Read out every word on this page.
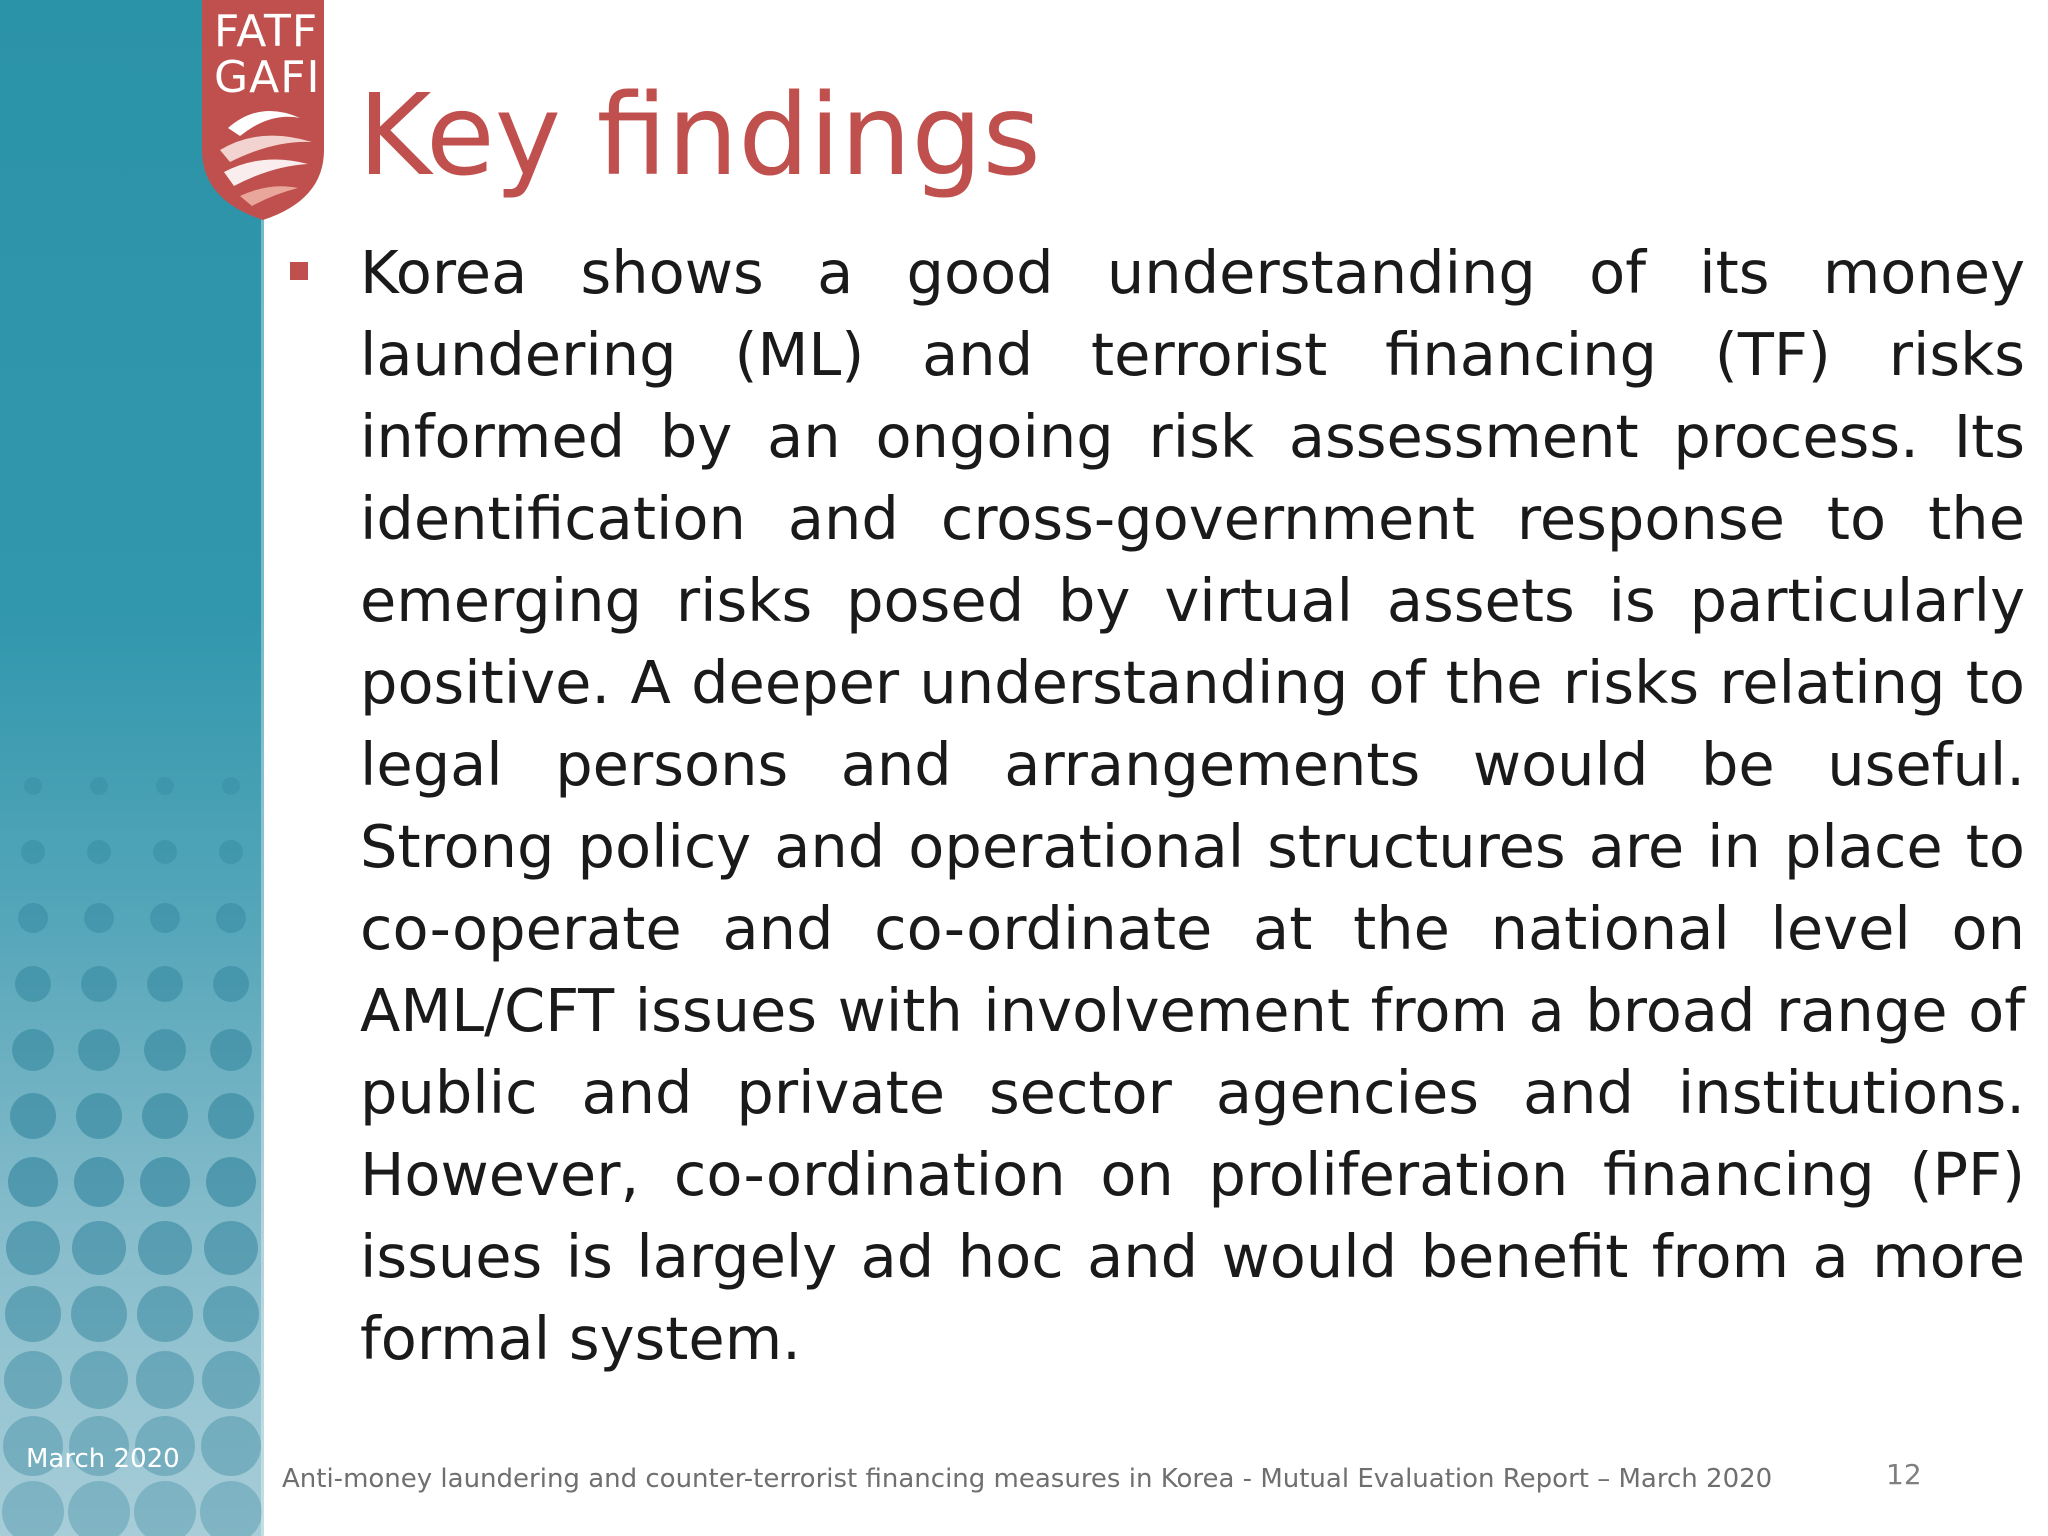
FATF
GAFI Key findings

Korea shows a good understanding of its money laundering (ML) and terrorist financing (TF) risks informed by an ongoing risk assessment process. Its identification and cross-government response to the emerging risks posed by virtual assets is particularly positive. A deeper understanding of the risks relating to legal persons and arrangements would be useful. Strong policy and operational structures are in place to co-operate and co-ordinate at the national level on AML/CFT issues with involvement from a broad range of public and private sector agencies and institutions. However, co-ordination on proliferation financing (PF) issues is largely ad hoc and would benefit from a more formal system.

March 2020
Anti-money laundering and counter-terrorist financing measures in Korea - Mutual Evaluation Report – March 2020	12
